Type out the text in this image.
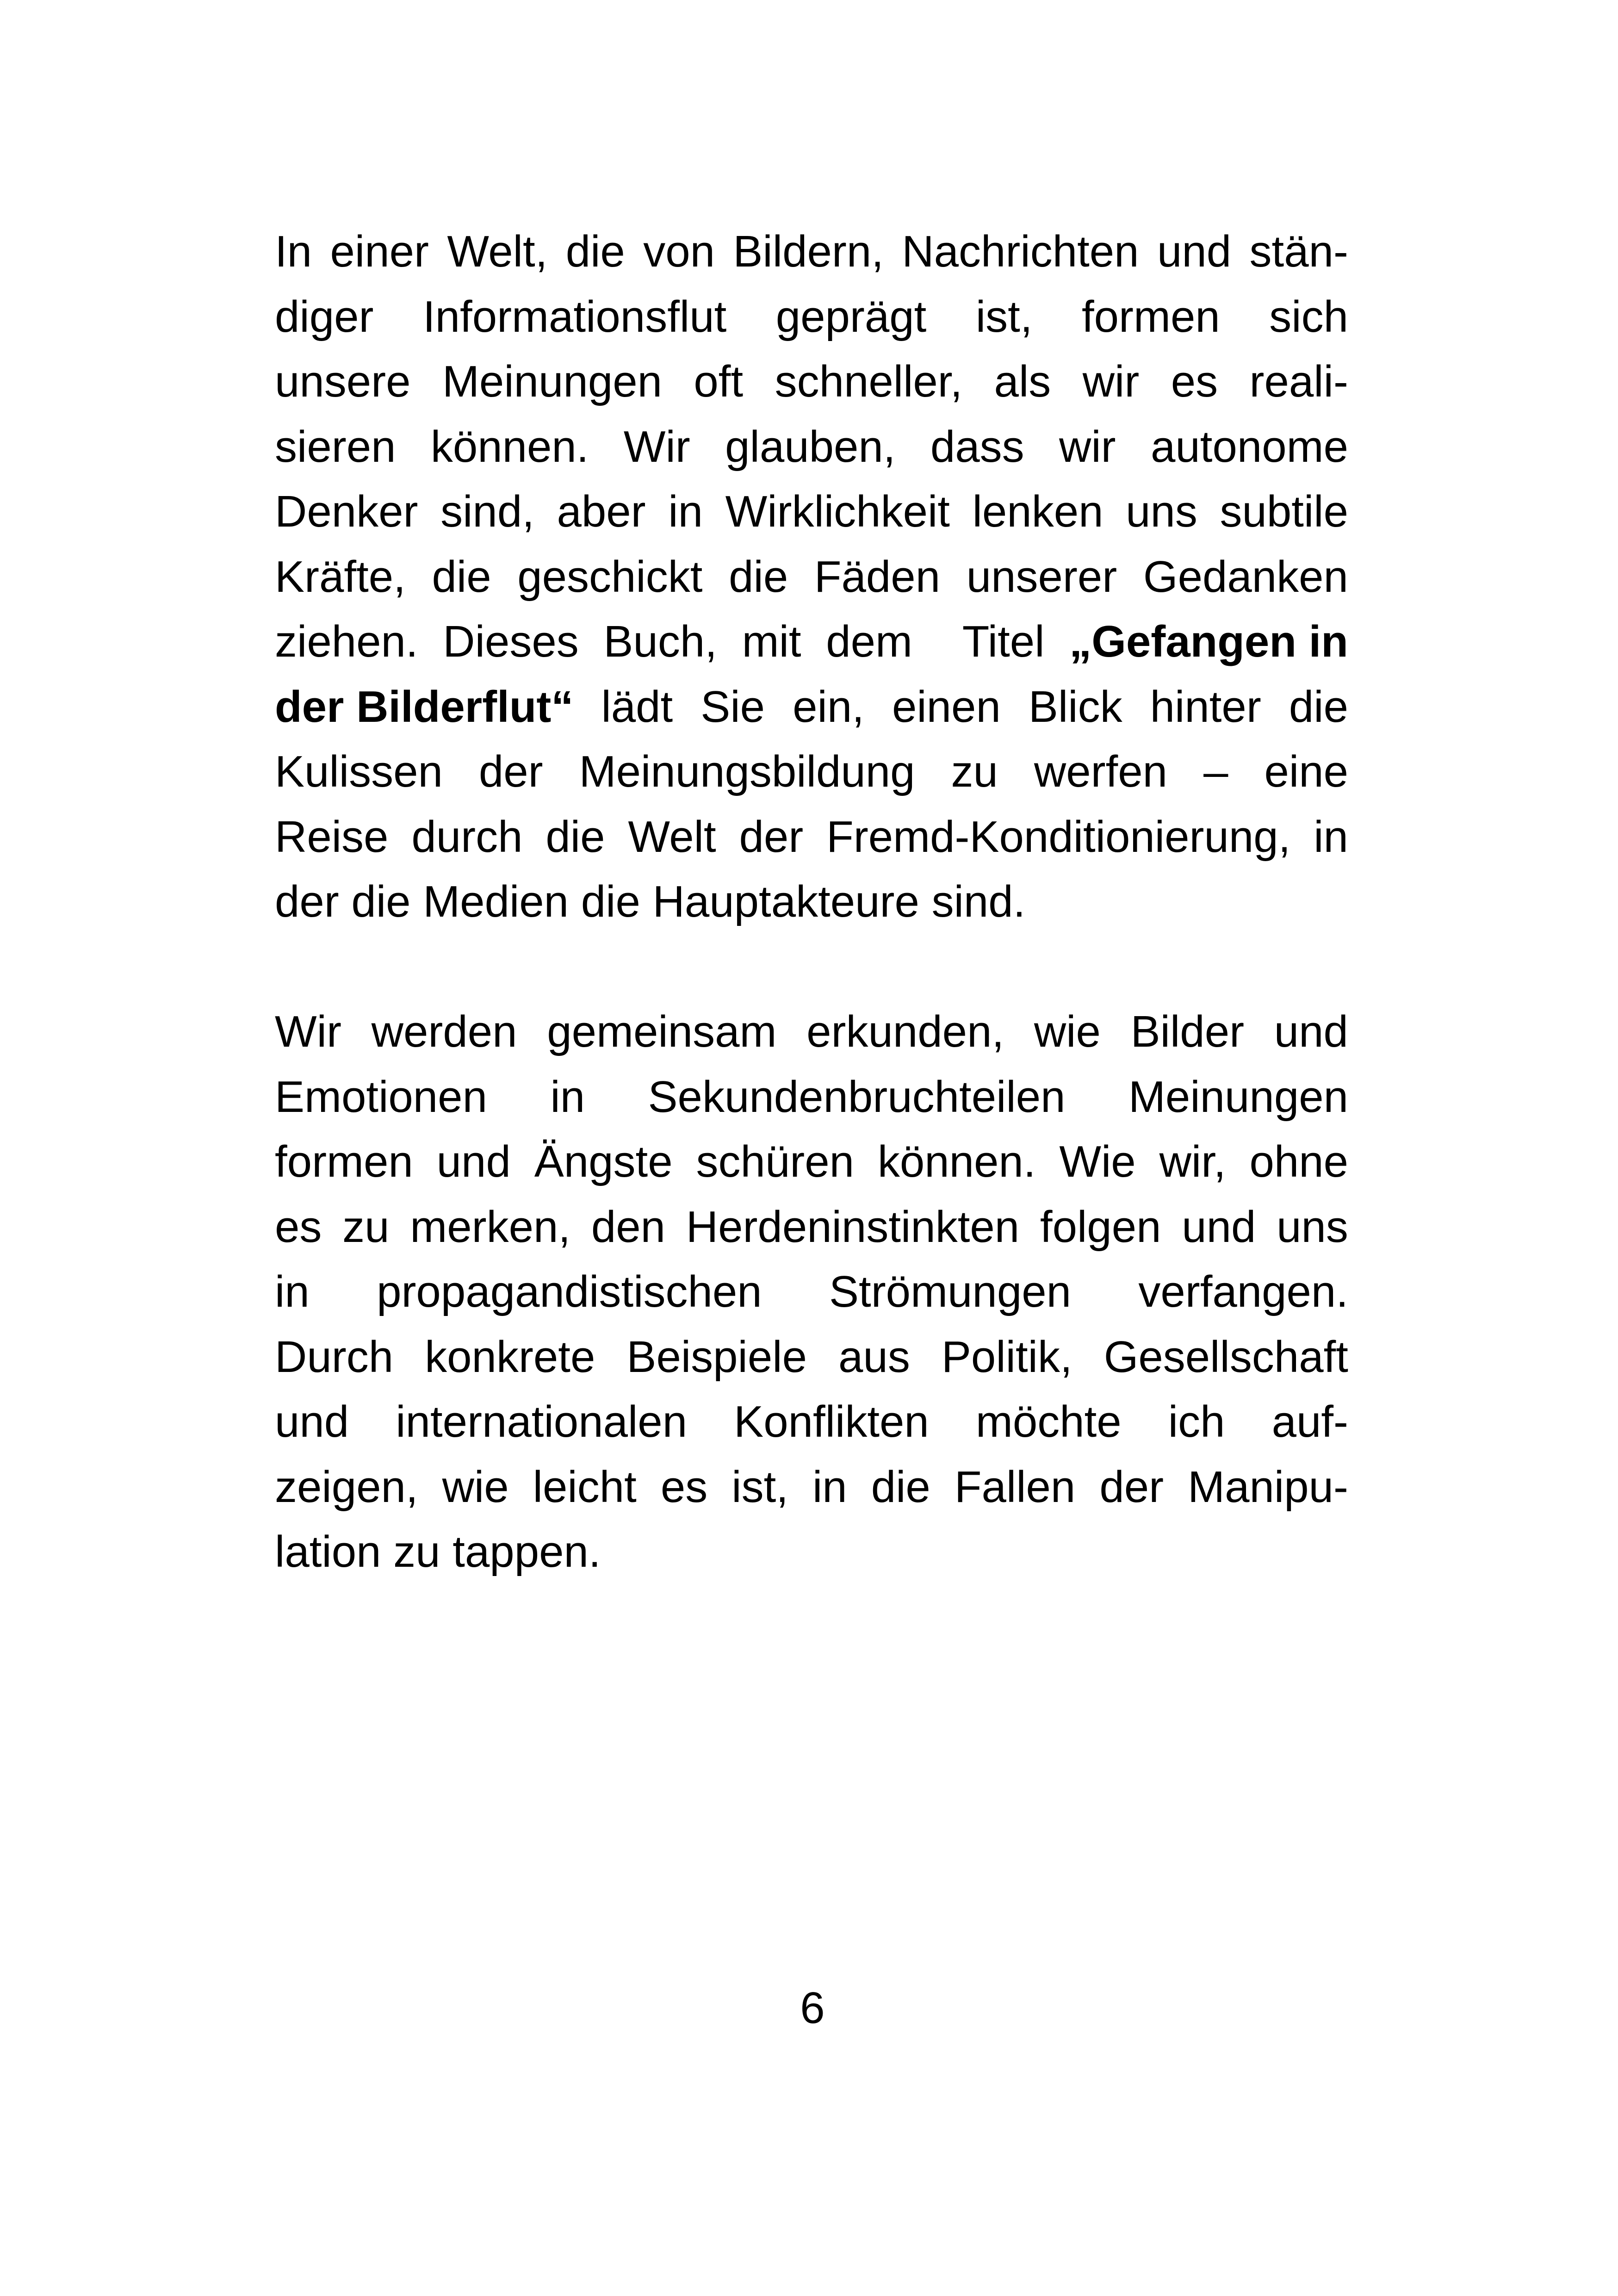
In einer Welt, die von Bildern, Nachrichten und stän-
diger Informationsflut geprägt ist, formen sich
unsere Meinungen oft schneller, als wir es reali-
sieren können. Wir glauben, dass wir autonome
Denker sind, aber in Wirklichkeit lenken uns subtile
Kräfte, die geschickt die Fäden unserer Gedanken
ziehen. Dieses Buch, mit dem Titel „Gefangen in
der Bilderflut“ lädt Sie ein, einen Blick hinter die
Kulissen der Meinungsbildung zu werfen – eine
Reise durch die Welt der Fremd-Konditionierung, in
der die Medien die Hauptakteure sind.
Wir werden gemeinsam erkunden, wie Bilder und
Emotionen in Sekundenbruchteilen Meinungen
formen und Ängste schüren können. Wie wir, ohne
es zu merken, den Herdeninstinkten folgen und uns
in propagandistischen Strömungen verfangen.
Durch konkrete Beispiele aus Politik, Gesellschaft
und internationalen Konflikten möchte ich auf-
zeigen, wie leicht es ist, in die Fallen der Manipu-
lation zu tappen.
6
